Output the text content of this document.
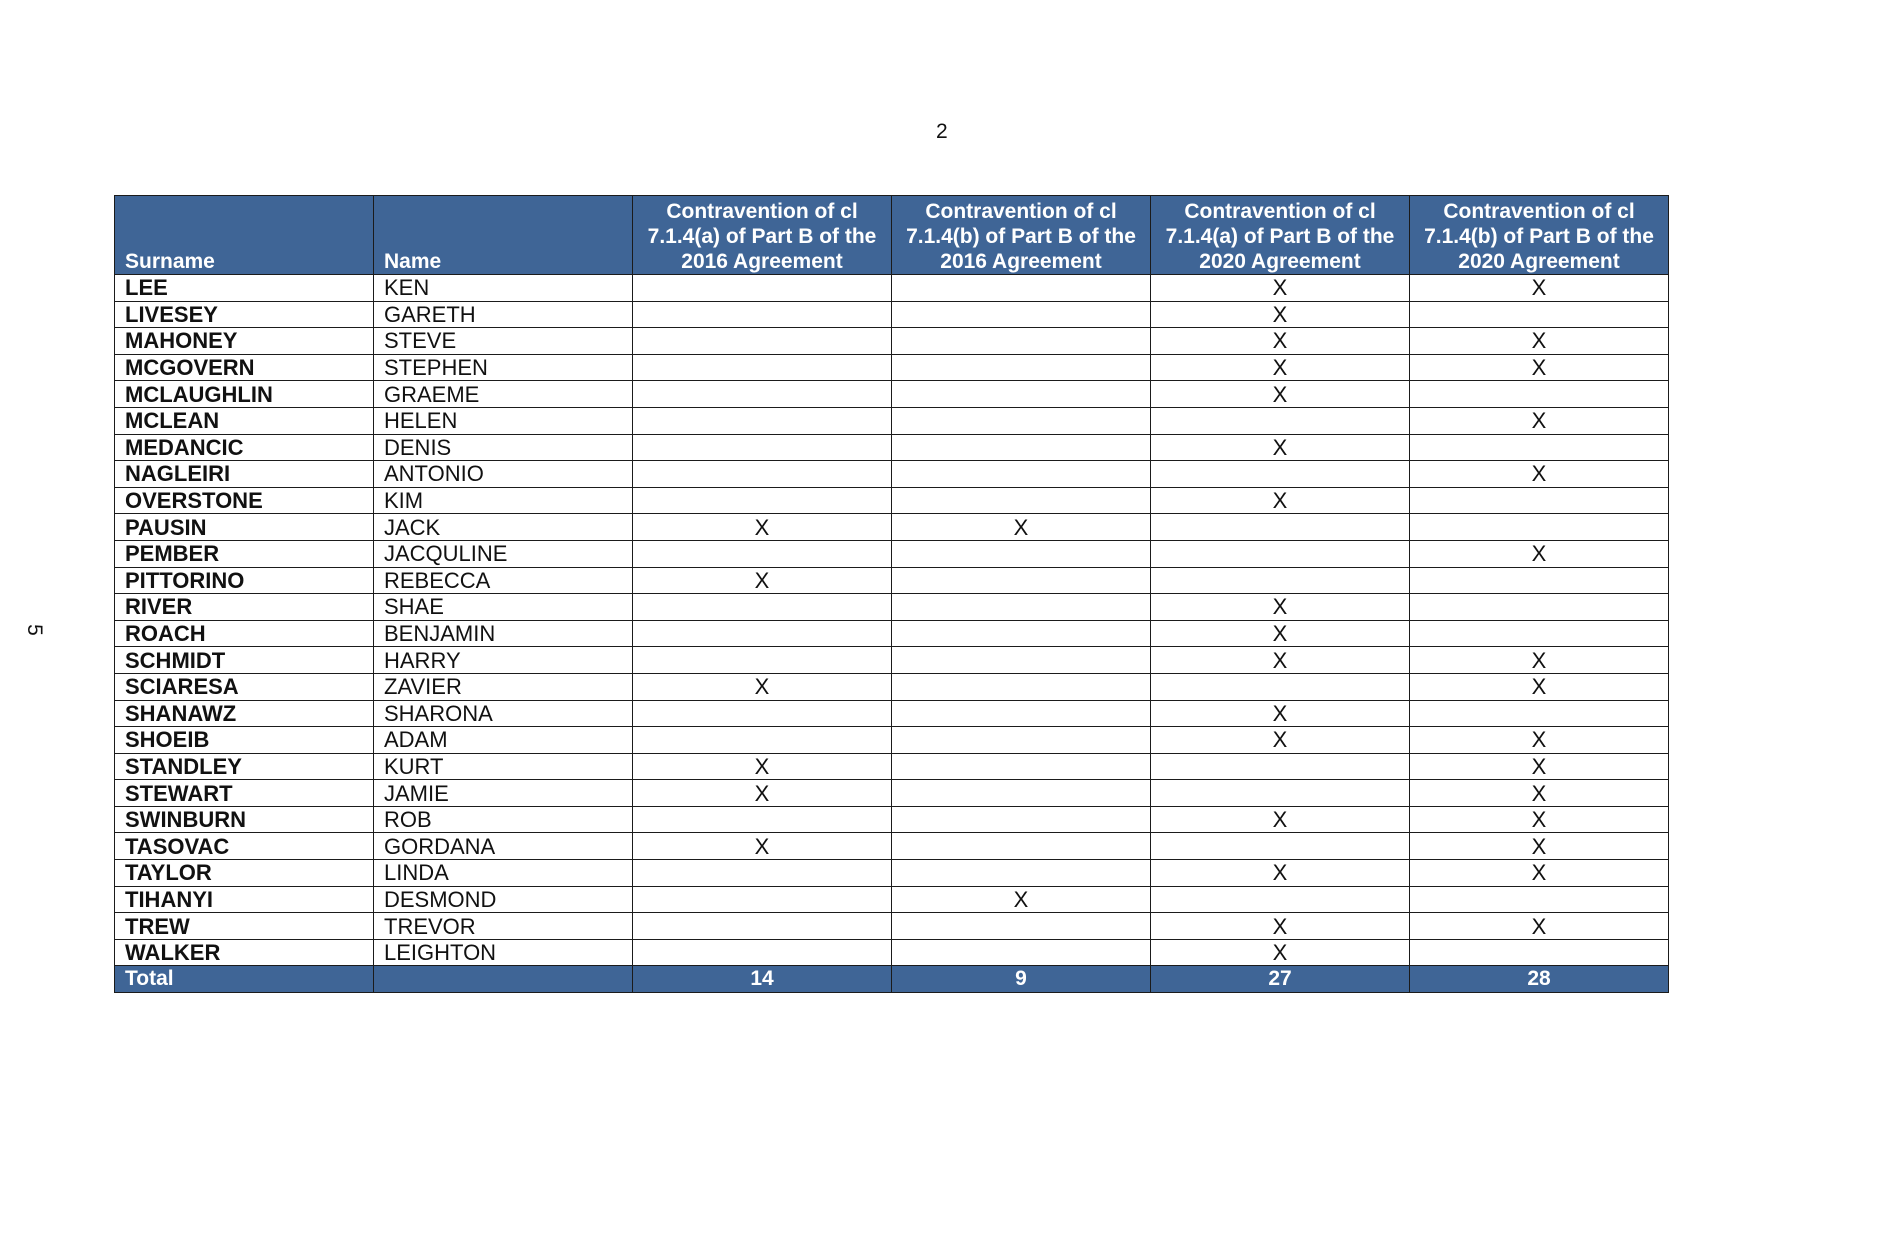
2
5
Surname	Name	Contravention of cl 7.1.4(a) of Part B of the 2016 Agreement	Contravention of cl 7.1.4(b) of Part B of the 2016 Agreement	Contravention of cl 7.1.4(a) of Part B of the 2020 Agreement	Contravention of cl 7.1.4(b) of Part B of the 2020 Agreement
LEE	KEN			X	X
LIVESEY	GARETH			X	
MAHONEY	STEVE			X	X
MCGOVERN	STEPHEN			X	X
MCLAUGHLIN	GRAEME			X	
MCLEAN	HELEN				X
MEDANCIC	DENIS			X	
NAGLEIRI	ANTONIO				X
OVERSTONE	KIM			X	
PAUSIN	JACK	X	X		
PEMBER	JACQULINE				X
PITTORINO	REBECCA	X			
RIVER	SHAE			X	
ROACH	BENJAMIN			X	
SCHMIDT	HARRY			X	X
SCIARESA	ZAVIER	X			X
SHANAWZ	SHARONA			X	
SHOEIB	ADAM			X	X
STANDLEY	KURT	X			X
STEWART	JAMIE	X			X
SWINBURN	ROB			X	X
TASOVAC	GORDANA	X			X
TAYLOR	LINDA			X	X
TIHANYI	DESMOND		X		
TREW	TREVOR			X	X
WALKER	LEIGHTON			X	
Total		14	9	27	28
